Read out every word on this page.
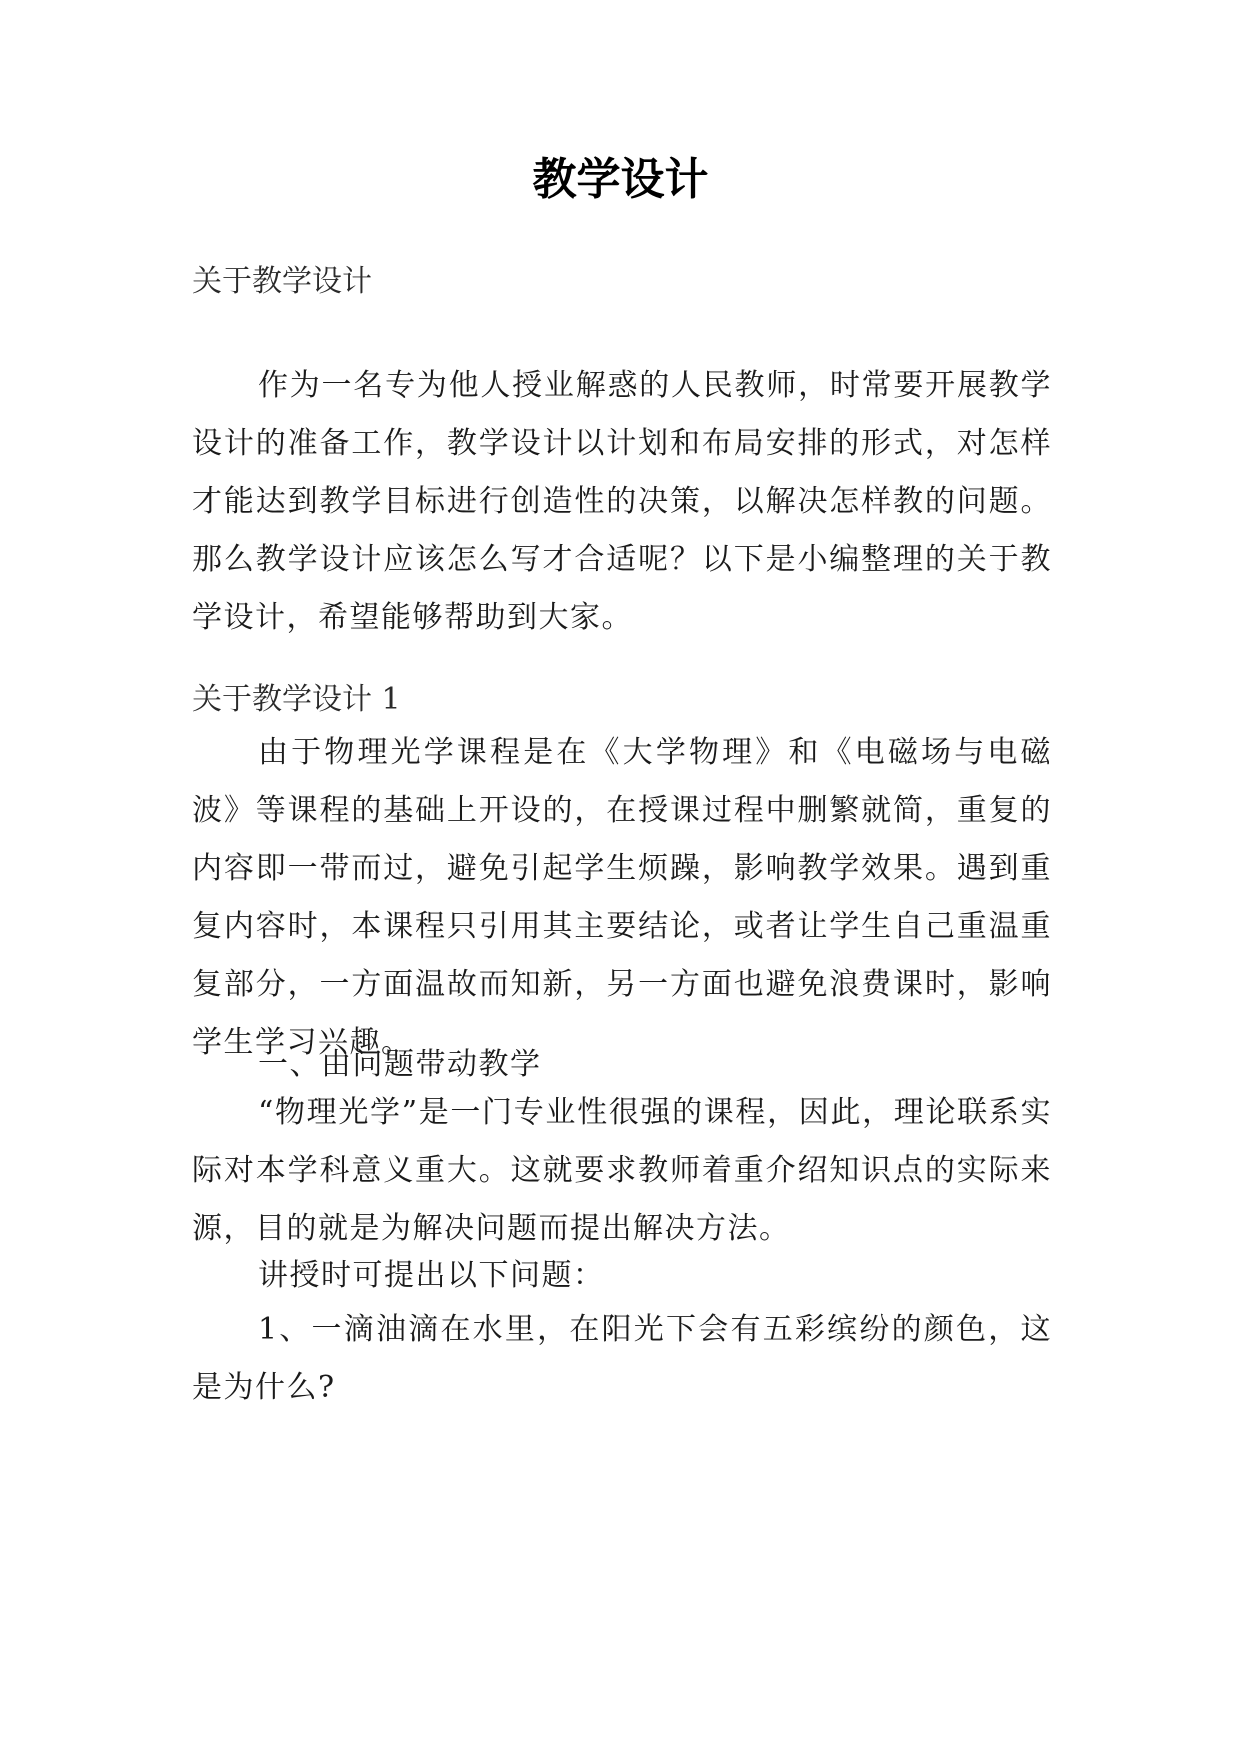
教学设计

关于教学设计

作为一名专为他人授业解惑的人民教师，时常要开展教学设计的准备工作，教学设计以计划和布局安排的形式，对怎样才能达到教学目标进行创造性的决策，以解决怎样教的问题。那么教学设计应该怎么写才合适呢？以下是小编整理的关于教学设计，希望能够帮助到大家。

关于教学设计 1

由于物理光学课程是在《大学物理》和《电磁场与电磁波》等课程的基础上开设的，在授课过程中删繁就简，重复的内容即一带而过，避免引起学生烦躁，影响教学效果。遇到重复内容时，本课程只引用其主要结论，或者让学生自己重温重复部分，一方面温故而知新，另一方面也避免浪费课时，影响学生学习兴趣。

一、由问题带动教学

“物理光学”是一门专业性很强的课程，因此，理论联系实际对本学科意义重大。这就要求教师着重介绍知识点的实际来源，目的就是为解决问题而提出解决方法。

讲授时可提出以下问题：

1、一滴油滴在水里，在阳光下会有五彩缤纷的颜色，这是为什么?
